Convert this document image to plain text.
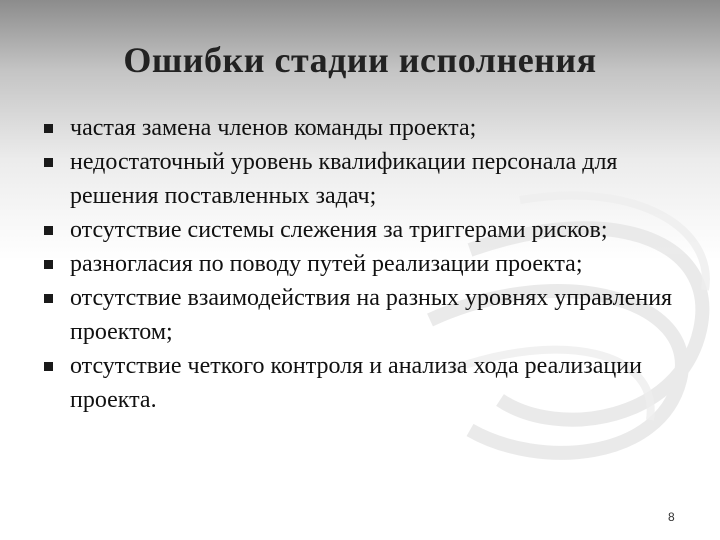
Ошибки стадии исполнения
частая замена членов команды проекта;
недостаточный уровень квалификации персонала для решения поставленных задач;
отсутствие системы слежения за триггерами рисков;
разногласия по поводу путей реализации проекта;
отсутствие взаимодействия на разных уровнях управления проектом;
отсутствие четкого контроля и анализа хода реализации проекта.
8
